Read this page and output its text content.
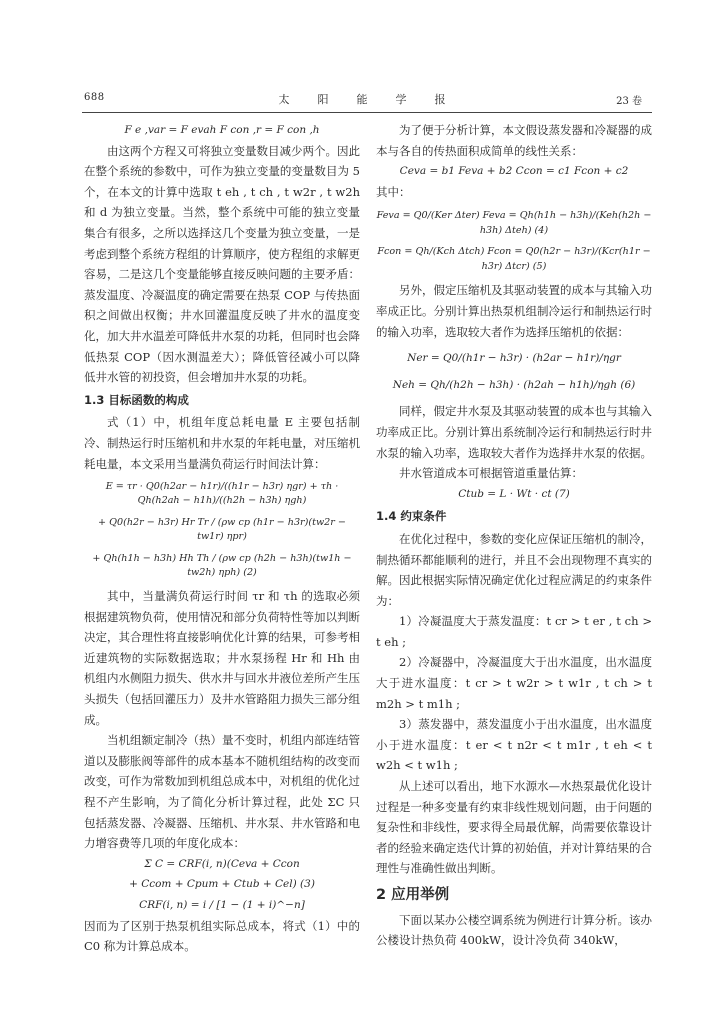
688	太阳能学报	23 卷
F e ,var = F evah F con ,r = F con ,h

由这两个方程又可将独立变量数目减少两个。因此在整个系统的参数中，可作为独立变量的变量数目为 5 个，在本文的计算中选取 t eh , t ch , t w2r , t w2h 和 d 为独立变量。当然，整个系统中可能的独立变量集合有很多，之所以选择这几个变量为独立变量，一是考虑到整个系统方程组的计算顺序，使方程组的求解更容易，二是这几个变量能够直接反映问题的主要矛盾：蒸发温度、冷凝温度的确定需要在热泵 COP 与传热面积之间做出权衡；井水回灌温度反映了井水的温度变化，加大井水温差可降低井水泵的功耗，但同时也会降低热泵 COP（因水测温差大）；降低管径减小可以降低井水管的初投资，但会增加井水泵的功耗。

1.3 目标函数的构成

式（1）中，机组年度总耗电量 E 主要包括制冷、制热运行时压缩机和井水泵的年耗电量，对压缩机耗电量，本文采用当量满负荷运行时间法计算：

E = τr · Q0(h2ar − h1r)/((h1r − h3r) ηgr) + τh · Qh(h2ah − h1h)/((h2h − h3h) ηgh)
+ Q0(h2r − h3r) Hr Tr / (ρw cp (h1r − h3r)(tw2r − tw1r) ηpr)
+ Qh(h1h − h3h) Hh Th / (ρw cp (h2h − h3h)(tw1h − tw2h) ηph) (2)

其中，当量满负荷运行时间 τr 和 τh 的选取必须根据建筑物负荷，使用情况和部分负荷特性等加以判断决定，其合理性将直接影响优化计算的结果，可参考相近建筑物的实际数据选取；井水泵扬程 Hr 和 Hh 由机组内水侧阻力损失、供水井与回水井液位差所产生压头损失（包括回灌压力）及井水管路阻力损失三部分组成。

当机组额定制冷（热）量不变时，机组内部连结管道以及膨胀阀等部件的成本基本不随机组结构的改变而改变，可作为常数加到机组总成本中，对机组的优化过程不产生影响，为了简化分析计算过程，此处 ΣC 只包括蒸发器、冷凝器、压缩机、井水泵、井水管路和电力增容费等几项的年度化成本：

Σ C = CRF(i, n)(Ceva + Ccon
+ Ccom + Cpum + Ctub + Cel) (3)
CRF(i, n) = i / [1 − (1 + i)^−n]

因而为了区别于热泵机组实际总成本，将式（1）中的 C0 称为计算总成本。

为了便于分析计算，本文假设蒸发器和冷凝器的成本与各自的传热面积成简单的线性关系：

Ceva = b1 Feva + b2 Ccon = c1 Fcon + c2

其中：

Feva = Q0/(Ker Δter) Feva = Qh(h1h − h3h)/(Keh(h2h − h3h) Δteh) (4)
Fcon = Qh/(Kch Δtch) Fcon = Q0(h2r − h3r)/(Kcr(h1r − h3r) Δtcr) (5)

另外，假定压缩机及其驱动装置的成本与其输入功率成正比。分别计算出热泵机组制冷运行和制热运行时的输入功率，选取较大者作为选择压缩机的依据：

Ner = Q0/(h1r − h3r) · (h2ar − h1r)/ηgr
Neh = Qh/(h2h − h3h) · (h2ah − h1h)/ηgh (6)

同样，假定井水泵及其驱动装置的成本也与其输入功率成正比。分别计算出系统制冷运行和制热运行时井水泵的输入功率，选取较大者作为选择井水泵的依据。

井水管道成本可根据管道重量估算：

Ctub = L · Wt · ct (7)
1.4 约束条件

在优化过程中，参数的变化应保证压缩机的制冷，制热循环都能顺利的进行，并且不会出现物理不真实的解。因此根据实际情况确定优化过程应满足的约束条件为：

1）冷凝温度大于蒸发温度：t cr > t er , t ch > t eh ;

2）冷凝器中，冷凝温度大于出水温度，出水温度大于进水温度：t cr > t w2r > t w1r , t ch > t m2h > t m1h ;

3）蒸发器中，蒸发温度小于出水温度，出水温度小于进水温度：t er < t n2r < t m1r , t eh < t w2h < t w1h ;

从上述可以看出，地下水源水—水热泵最优化设计过程是一种多变量有约束非线性规划问题，由于问题的复杂性和非线性，要求得全局最优解，尚需要依靠设计者的经验来确定迭代计算的初始值，并对计算结果的合理性与准确性做出判断。

2 应用举例

下面以某办公楼空调系统为例进行计算分析。该办公楼设计热负荷 400kW，设计冷负荷 340kW，
